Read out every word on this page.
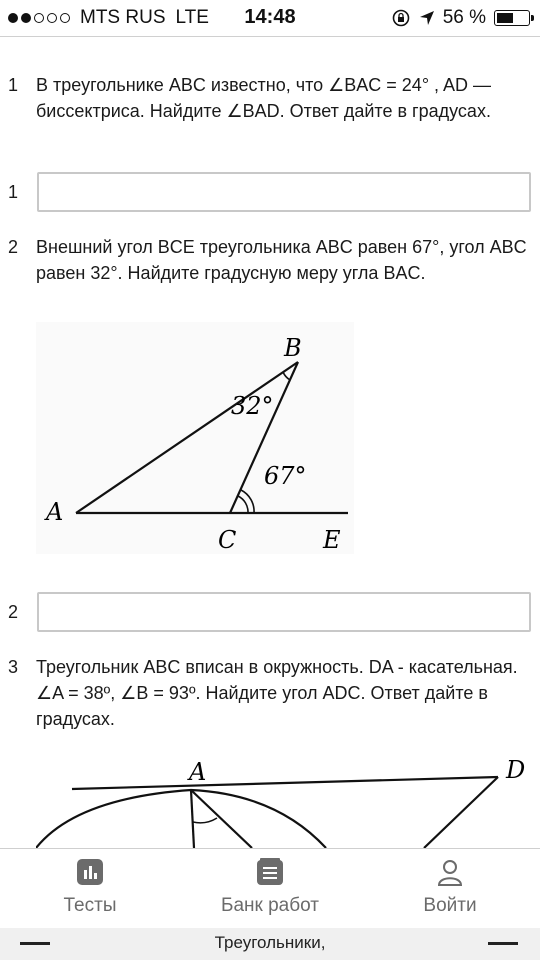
MTS RUS LTE	14:48	56 %
1 В треугольнике ABC известно, что ∠BAC = 24° , AD — биссектриса. Найдите ∠BAD. Ответ дайте в градусах.
1
2 Внешний угол BCE треугольника ABC равен 67°, угол ABC равен 32°. Найдите градусную меру угла BAC.
A
B
C	E
32°
67°
2
3 Треугольник ABC вписан в окружность. DA - касательная. ∠A = 38º, ∠B = 93º. Найдите угол ADC. Ответ дайте в градусах.
A	D
Тесты	Банк работ	Войти
Треугольники,
